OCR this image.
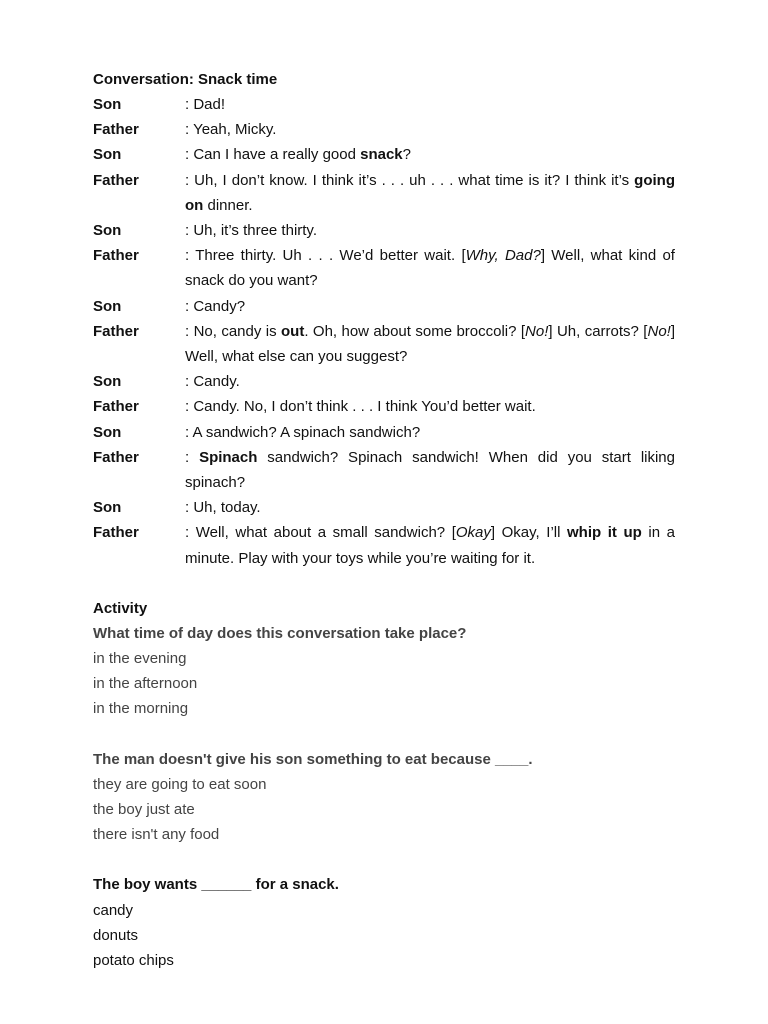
Conversation: Snack time
Son	: Dad!
Father	: Yeah, Micky.
Son	: Can I have a really good snack?
Father	: Uh, I don’t know. I think it’s . . . uh . . . what time is it? I think it’s going on dinner.
Son	: Uh, it’s three thirty.
Father	: Three thirty. Uh . . . We’d better wait. [Why, Dad?] Well, what kind of snack do you want?
Son	: Candy?
Father	: No, candy is out. Oh, how about some broccoli? [No!] Uh, carrots? [No!] Well, what else can you suggest?
Son	: Candy.
Father	: Candy. No, I don’t think . . . I think You’d better wait.
Son	: A sandwich? A spinach sandwich?
Father	: Spinach sandwich? Spinach sandwich! When did you start liking spinach?
Son	: Uh, today.
Father	: Well, what about a small sandwich? [Okay] Okay, I’ll whip it up in a minute. Play with your toys while you’re waiting for it.
Activity
What time of day does this conversation take place?
in the evening
in the afternoon
in the morning
The man doesn't give his son something to eat because ____.
they are going to eat soon
the boy just ate
there isn't any food
The boy wants ______ for a snack.
candy
donuts
potato chips
